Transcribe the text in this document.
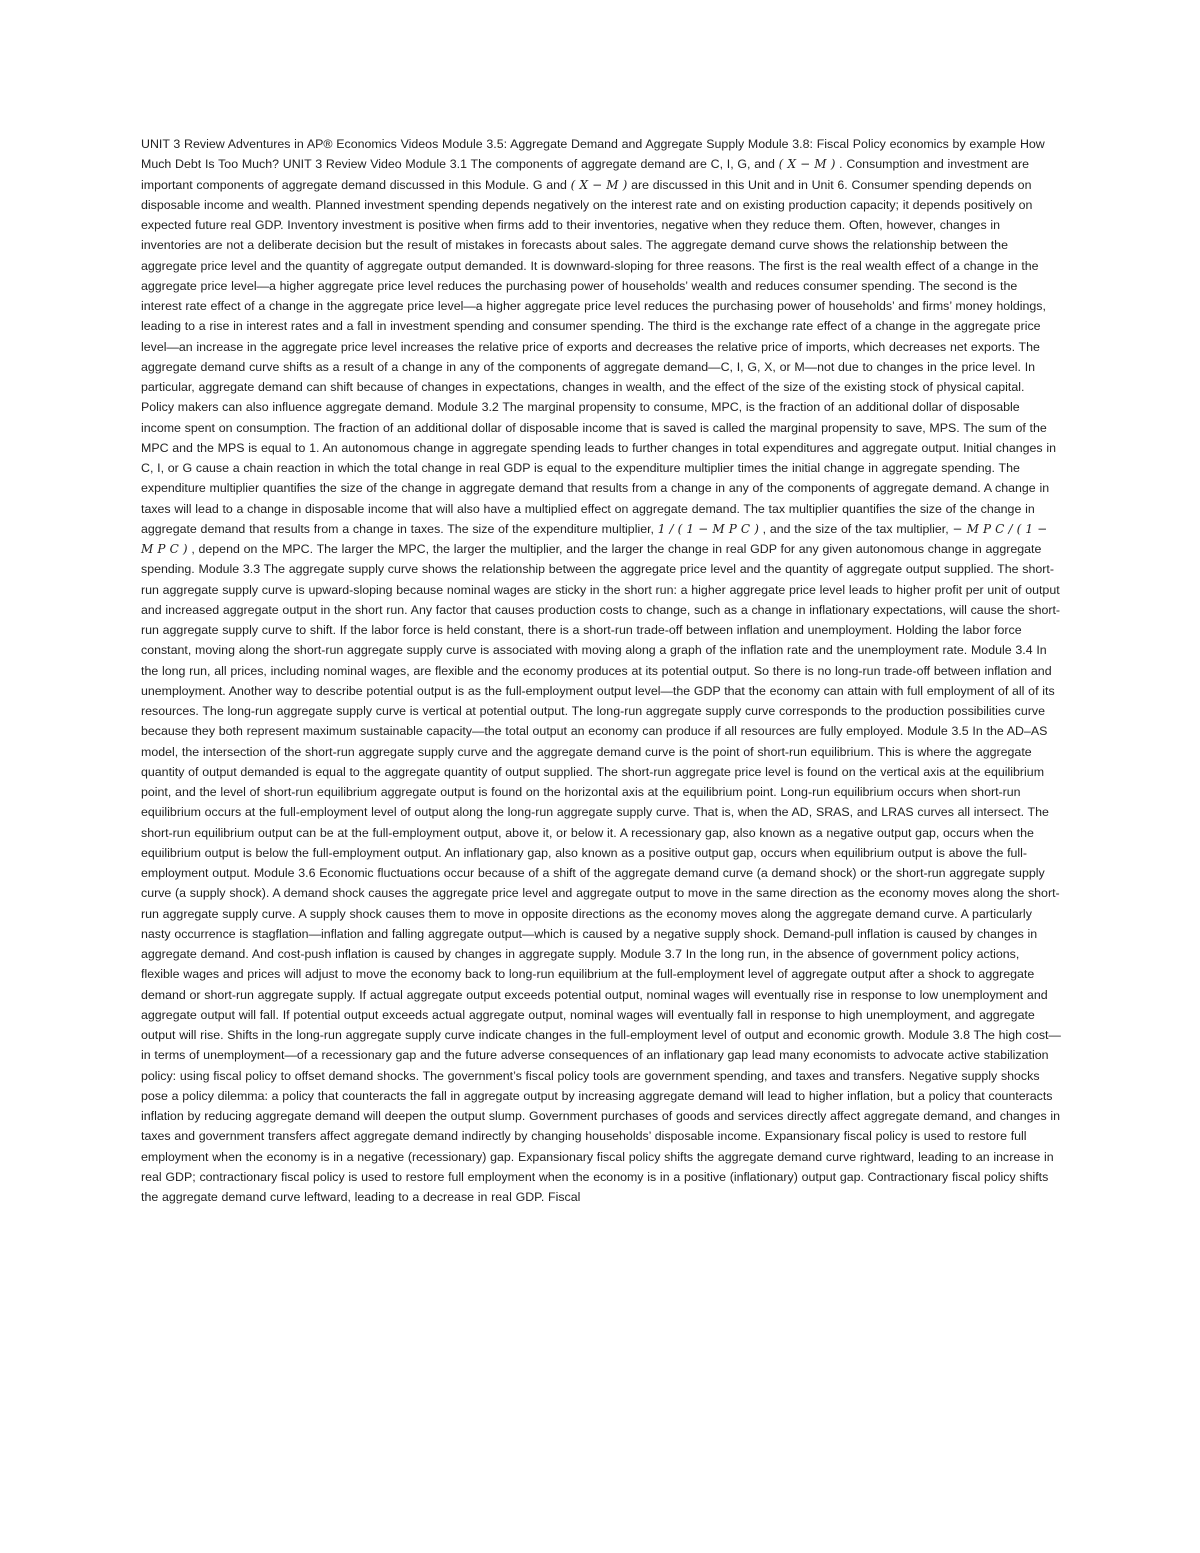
UNIT 3 Review Adventures in AP® Economics Videos Module 3.5: Aggregate Demand and Aggregate Supply Module 3.8: Fiscal Policy economics by example How Much Debt Is Too Much? UNIT 3 Review Video Module 3.1 The components of aggregate demand are C, I, G, and ( X − M ) . Consumption and investment are important components of aggregate demand discussed in this Module. G and ( X − M ) are discussed in this Unit and in Unit 6. Consumer spending depends on disposable income and wealth. Planned investment spending depends negatively on the interest rate and on existing production capacity; it depends positively on expected future real GDP. Inventory investment is positive when firms add to their inventories, negative when they reduce them. Often, however, changes in inventories are not a deliberate decision but the result of mistakes in forecasts about sales. The aggregate demand curve shows the relationship between the aggregate price level and the quantity of aggregate output demanded. It is downward-sloping for three reasons. The first is the real wealth effect of a change in the aggregate price level—a higher aggregate price level reduces the purchasing power of households’ wealth and reduces consumer spending. The second is the interest rate effect of a change in the aggregate price level—a higher aggregate price level reduces the purchasing power of households’ and firms’ money holdings, leading to a rise in interest rates and a fall in investment spending and consumer spending. The third is the exchange rate effect of a change in the aggregate price level—an increase in the aggregate price level increases the relative price of exports and decreases the relative price of imports, which decreases net exports. The aggregate demand curve shifts as a result of a change in any of the components of aggregate demand—C, I, G, X, or M—not due to changes in the price level. In particular, aggregate demand can shift because of changes in expectations, changes in wealth, and the effect of the size of the existing stock of physical capital. Policy makers can also influence aggregate demand. Module 3.2 The marginal propensity to consume, MPC, is the fraction of an additional dollar of disposable income spent on consumption. The fraction of an additional dollar of disposable income that is saved is called the marginal propensity to save, MPS. The sum of the MPC and the MPS is equal to 1. An autonomous change in aggregate spending leads to further changes in total expenditures and aggregate output. Initial changes in C, I, or G cause a chain reaction in which the total change in real GDP is equal to the expenditure multiplier times the initial change in aggregate spending. The expenditure multiplier quantifies the size of the change in aggregate demand that results from a change in any of the components of aggregate demand. A change in taxes will lead to a change in disposable income that will also have a multiplied effect on aggregate demand. The tax multiplier quantifies the size of the change in aggregate demand that results from a change in taxes. The size of the expenditure multiplier, 1 / ( 1 − M P C ) , and the size of the tax multiplier, − M P C / ( 1 − M P C ) , depend on the MPC. The larger the MPC, the larger the multiplier, and the larger the change in real GDP for any given autonomous change in aggregate spending. Module 3.3 The aggregate supply curve shows the relationship between the aggregate price level and the quantity of aggregate output supplied. The short-run aggregate supply curve is upward-sloping because nominal wages are sticky in the short run: a higher aggregate price level leads to higher profit per unit of output and increased aggregate output in the short run. Any factor that causes production costs to change, such as a change in inflationary expectations, will cause the short-run aggregate supply curve to shift. If the labor force is held constant, there is a short-run trade-off between inflation and unemployment. Holding the labor force constant, moving along the short-run aggregate supply curve is associated with moving along a graph of the inflation rate and the unemployment rate. Module 3.4 In the long run, all prices, including nominal wages, are flexible and the economy produces at its potential output. So there is no long-run trade-off between inflation and unemployment. Another way to describe potential output is as the full-employment output level—the GDP that the economy can attain with full employment of all of its resources. The long-run aggregate supply curve is vertical at potential output. The long-run aggregate supply curve corresponds to the production possibilities curve because they both represent maximum sustainable capacity—the total output an economy can produce if all resources are fully employed. Module 3.5 In the AD–AS model, the intersection of the short-run aggregate supply curve and the aggregate demand curve is the point of short-run equilibrium. This is where the aggregate quantity of output demanded is equal to the aggregate quantity of output supplied. The short-run aggregate price level is found on the vertical axis at the equilibrium point, and the level of short-run equilibrium aggregate output is found on the horizontal axis at the equilibrium point. Long-run equilibrium occurs when short-run equilibrium occurs at the full-employment level of output along the long-run aggregate supply curve. That is, when the AD, SRAS, and LRAS curves all intersect. The short-run equilibrium output can be at the full-employment output, above it, or below it. A recessionary gap, also known as a negative output gap, occurs when the equilibrium output is below the full-employment output. An inflationary gap, also known as a positive output gap, occurs when equilibrium output is above the full-employment output. Module 3.6 Economic fluctuations occur because of a shift of the aggregate demand curve (a demand shock) or the short-run aggregate supply curve (a supply shock). A demand shock causes the aggregate price level and aggregate output to move in the same direction as the economy moves along the short-run aggregate supply curve. A supply shock causes them to move in opposite directions as the economy moves along the aggregate demand curve. A particularly nasty occurrence is stagflation—inflation and falling aggregate output—which is caused by a negative supply shock. Demand-pull inflation is caused by changes in aggregate demand. And cost-push inflation is caused by changes in aggregate supply. Module 3.7 In the long run, in the absence of government policy actions, flexible wages and prices will adjust to move the economy back to long-run equilibrium at the full-employment level of aggregate output after a shock to aggregate demand or short-run aggregate supply. If actual aggregate output exceeds potential output, nominal wages will eventually rise in response to low unemployment and aggregate output will fall. If potential output exceeds actual aggregate output, nominal wages will eventually fall in response to high unemployment, and aggregate output will rise. Shifts in the long-run aggregate supply curve indicate changes in the full-employment level of output and economic growth. Module 3.8 The high cost—in terms of unemployment—of a recessionary gap and the future adverse consequences of an inflationary gap lead many economists to advocate active stabilization policy: using fiscal policy to offset demand shocks. The government’s fiscal policy tools are government spending, and taxes and transfers. Negative supply shocks pose a policy dilemma: a policy that counteracts the fall in aggregate output by increasing aggregate demand will lead to higher inflation, but a policy that counteracts inflation by reducing aggregate demand will deepen the output slump. Government purchases of goods and services directly affect aggregate demand, and changes in taxes and government transfers affect aggregate demand indirectly by changing households’ disposable income. Expansionary fiscal policy is used to restore full employment when the economy is in a negative (recessionary) gap. Expansionary fiscal policy shifts the aggregate demand curve rightward, leading to an increase in real GDP; contractionary fiscal policy is used to restore full employment when the economy is in a positive (inflationary) output gap. Contractionary fiscal policy shifts the aggregate demand curve leftward, leading to a decrease in real GDP. Fiscal
